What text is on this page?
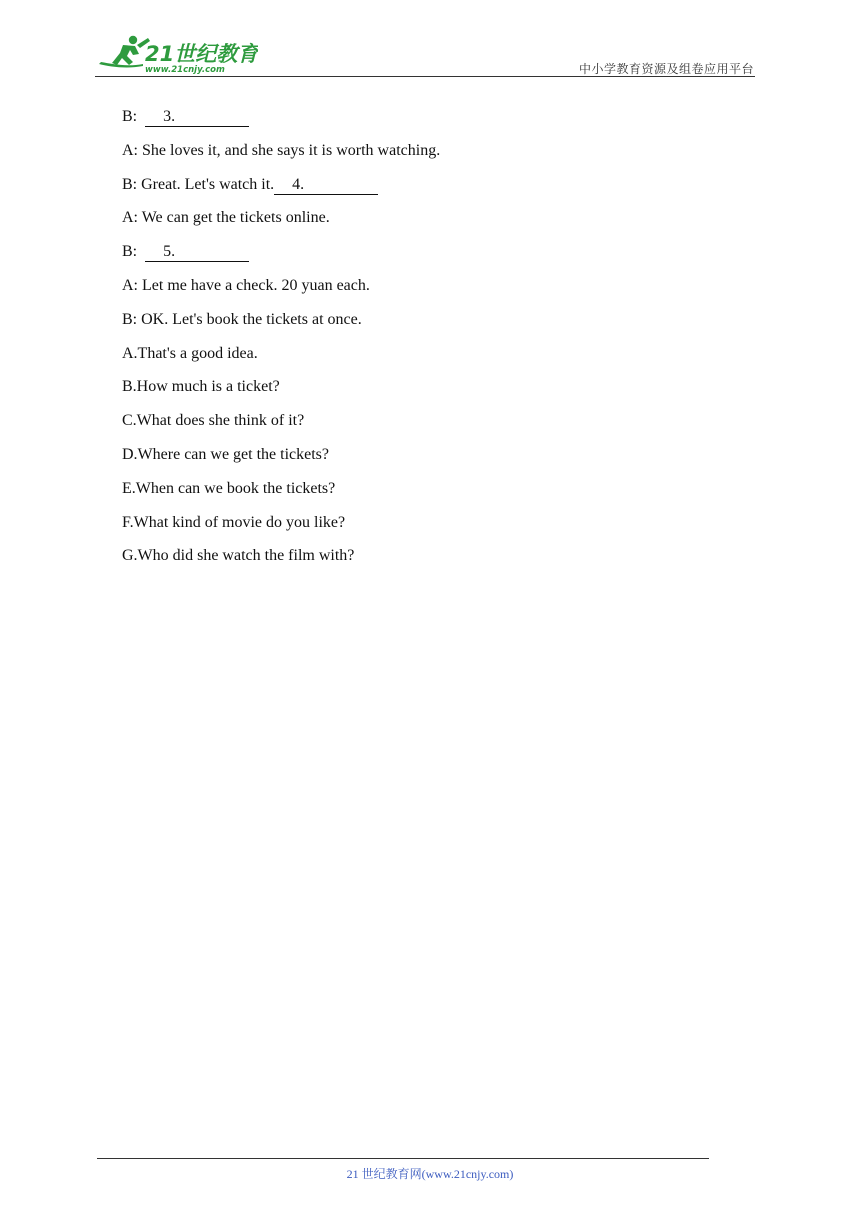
21世纪教育
www.21cnjy.com	中小学教育资源及组卷应用平台
B: 3.
A: She loves it, and she says it is worth watching.
B: Great. Let's watch it. 4.
A: We can get the tickets online.
B: 5.
A: Let me have a check. 20 yuan each.
B: OK. Let's book the tickets at once.
A.That's a good idea.
B.How much is a ticket?
C.What does she think of it?
D.Where can we get the tickets?
E.When can we book the tickets?
F.What kind of movie do you like?
G.Who did she watch the film with?
21 世纪教育网(www.21cnjy.com)
